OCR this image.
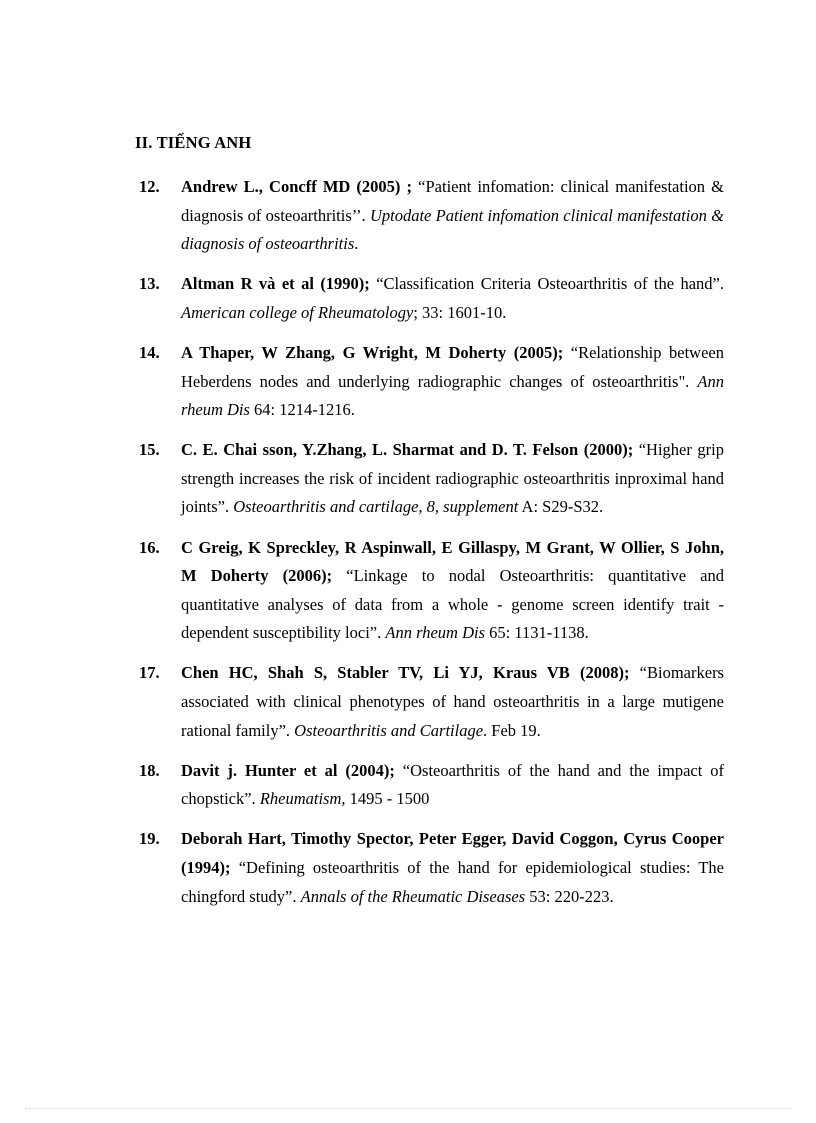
II. TIẾNG ANH
12. Andrew L., Concff MD (2005) ; “Patient infomation: clinical manifestation & diagnosis of osteoarthritis’’. Uptodate Patient infomation clinical manifestation & diagnosis of osteoarthritis.
13. Altman R và et al (1990); “Classification Criteria Osteoarthritis of the hand”. American college of Rheumatology; 33: 1601-10.
14. A Thaper, W Zhang, G Wright, M Doherty (2005); “Relationship between Heberdens nodes and underlying radiographic changes of osteoarthritis". Ann rheum Dis 64: 1214-1216.
15. C. E. Chai sson, Y.Zhang, L. Sharmat and D. T. Felson (2000); “Higher grip strength increases the risk of incident radiographic osteoarthritis inproximal hand joints”. Osteoarthritis and cartilage, 8, supplement A: S29-S32.
16. C Greig, K Spreckley, R Aspinwall, E Gillaspy, M Grant, W Ollier, S John, M Doherty (2006); “Linkage to nodal Osteoarthritis: quantitative and quantitative analyses of data from a whole - genome screen identify trait - dependent susceptibility loci”. Ann rheum Dis 65: 1131-1138.
17. Chen HC, Shah S, Stabler TV, Li YJ, Kraus VB (2008); “Biomarkers associated with clinical phenotypes of hand osteoarthritis in a large mutigene rational family”. Osteoarthritis and Cartilage. Feb 19.
18. Davit j. Hunter et al (2004); “Osteoarthritis of the hand and the impact of chopstick”. Rheumatism, 1495 - 1500
19. Deborah Hart, Timothy Spector, Peter Egger, David Coggon, Cyrus Cooper (1994); “Defining osteoarthritis of the hand for epidemiological studies: The chingford study”. Annals of the Rheumatic Diseases 53: 220-223.
